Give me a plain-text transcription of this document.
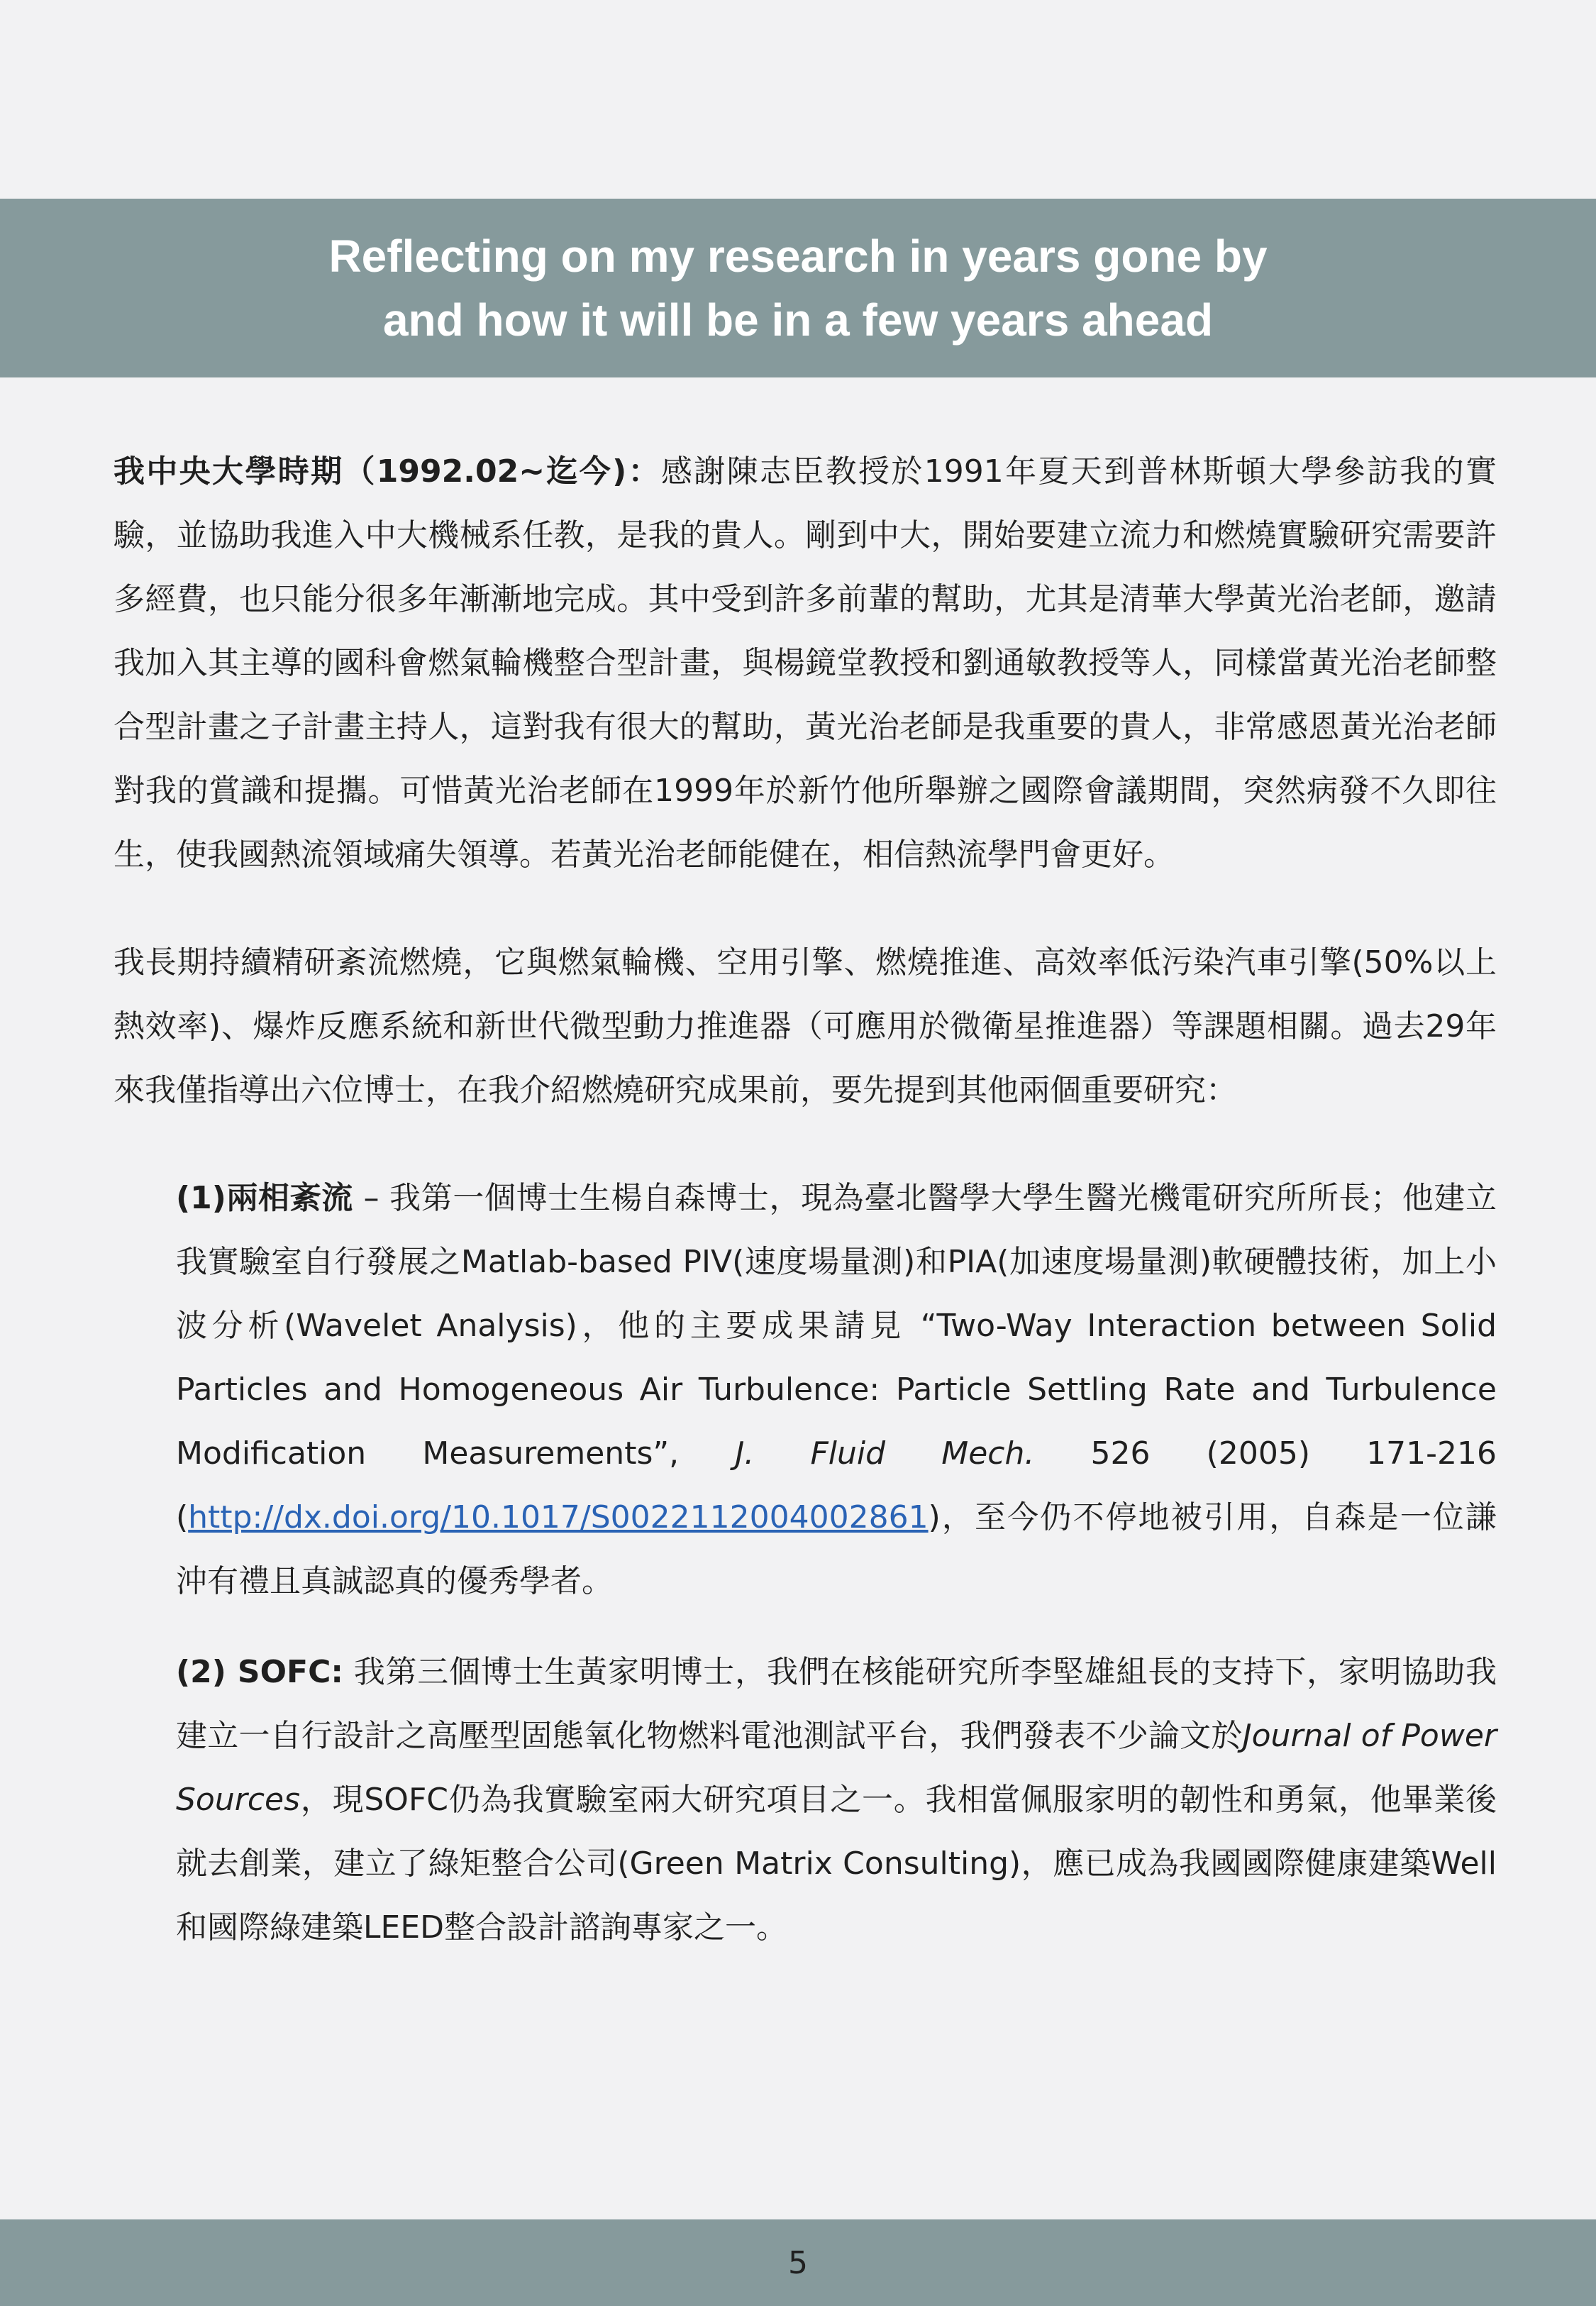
Reflecting on my research in years gone by
and how it will be in a few years ahead

我中央大學時期（1992.02~迄今)：感謝陳志臣教授於1991年夏天到普林斯頓大學參訪我的實驗，並協助我進入中大機械系任教，是我的貴人。剛到中大，開始要建立流力和燃燒實驗研究需要許多經費，也只能分很多年漸漸地完成。其中受到許多前輩的幫助，尤其是清華大學黃光治老師，邀請我加入其主導的國科會燃氣輪機整合型計畫，與楊鏡堂教授和劉通敏教授等人，同樣當黃光治老師整合型計畫之子計畫主持人，這對我有很大的幫助，黃光治老師是我重要的貴人，非常感恩黃光治老師對我的賞識和提攜。可惜黃光治老師在1999年於新竹他所舉辦之國際會議期間，突然病發不久即往生，使我國熱流領域痛失領導。若黃光治老師能健在，相信熱流學門會更好。

我長期持續精研紊流燃燒，它與燃氣輪機、空用引擎、燃燒推進、高效率低污染汽車引擎(50%以上熱效率)、爆炸反應系統和新世代微型動力推進器（可應用於微衛星推進器）等課題相關。過去29年來我僅指導出六位博士，在我介紹燃燒研究成果前，要先提到其他兩個重要研究：

(1)兩相紊流 – 我第一個博士生楊自森博士，現為臺北醫學大學生醫光機電研究所所長；他建立我實驗室自行發展之Matlab-based PIV(速度場量測)和PIA(加速度場量測)軟硬體技術，加上小波分析(Wavelet Analysis)，他的主要成果請見 “Two-Way Interaction between Solid Particles and Homogeneous Air Turbulence: Particle Settling Rate and Turbulence Modification Measurements”, J. Fluid Mech. 526 (2005) 171-216 (http://dx.doi.org/10.1017/S0022112004002861)，至今仍不停地被引用，自森是一位謙沖有禮且真誠認真的優秀學者。

(2) SOFC: 我第三個博士生黃家明博士，我們在核能研究所李堅雄組長的支持下，家明協助我建立一自行設計之高壓型固態氧化物燃料電池測試平台，我們發表不少論文於Journal of Power Sources，現SOFC仍為我實驗室兩大研究項目之一。我相當佩服家明的韌性和勇氣，他畢業後就去創業，建立了綠矩整合公司(Green Matrix Consulting)，應已成為我國國際健康建築Well和國際綠建築LEED整合設計諮詢專家之一。

5
